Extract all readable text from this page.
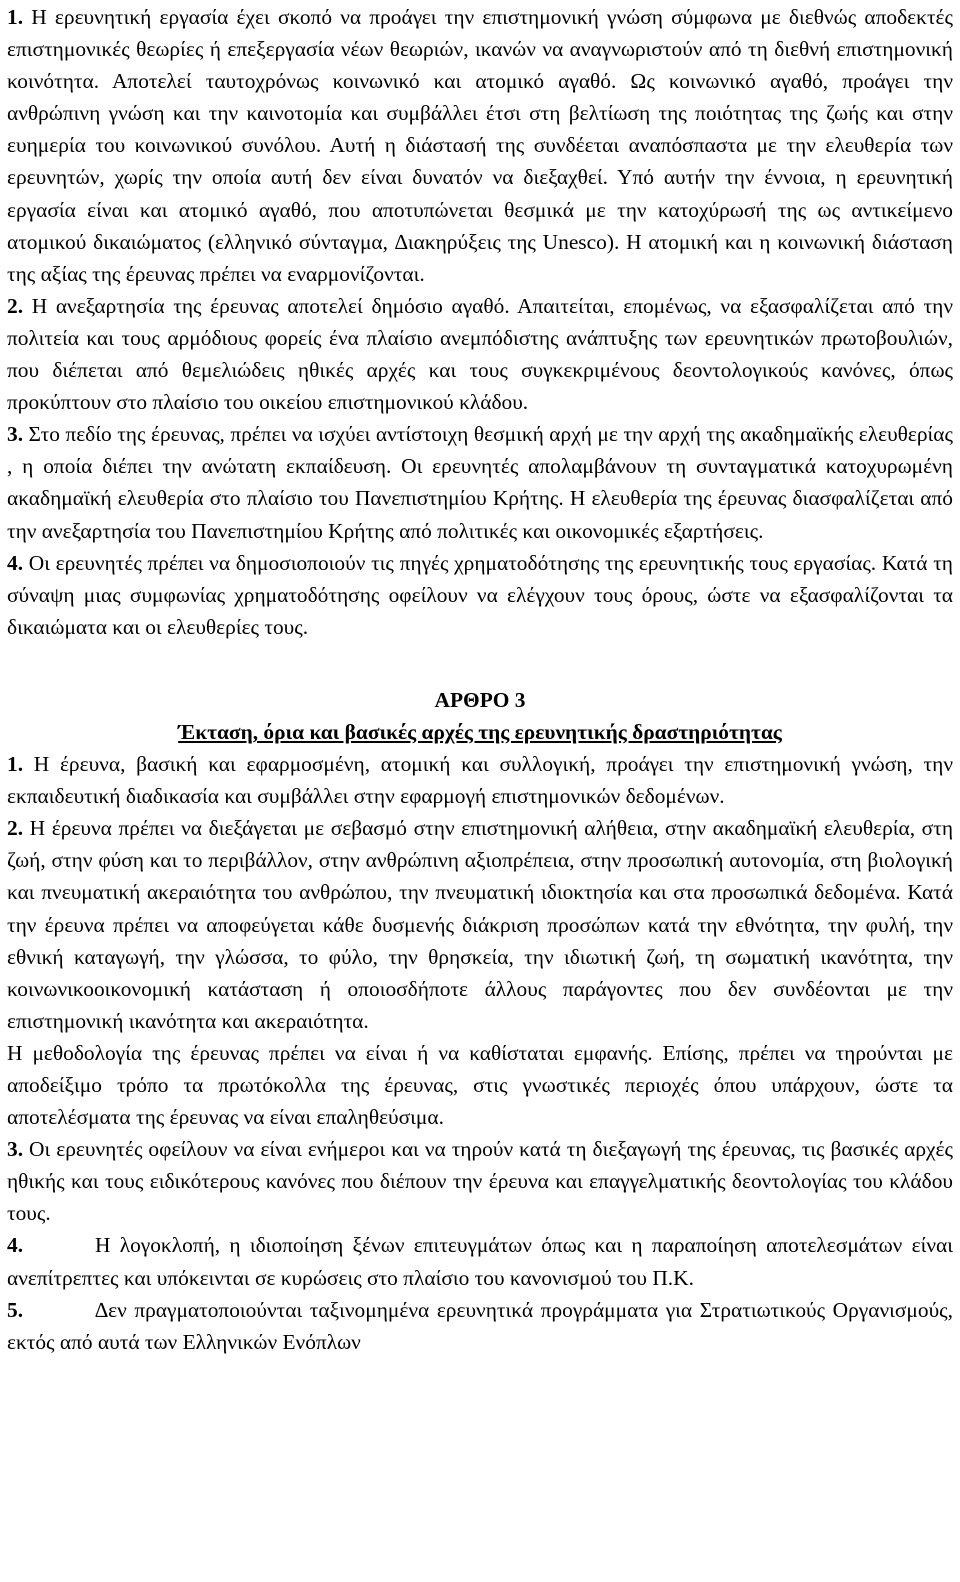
1. Η ερευνητική εργασία έχει σκοπό να προάγει την επιστημονική γνώση σύμφωνα με διεθνώς αποδεκτές επιστημονικές θεωρίες ή επεξεργασία νέων θεωριών, ικανών να αναγνωριστούν από τη διεθνή επιστημονική κοινότητα. Αποτελεί ταυτοχρόνως κοινωνικό και ατομικό αγαθό. Ως κοινωνικό αγαθό, προάγει την ανθρώπινη γνώση και την καινοτομία και συμβάλλει έτσι στη βελτίωση της ποιότητας της ζωής και στην ευημερία του κοινωνικού συνόλου. Αυτή η διάστασή της συνδέεται αναπόσπαστα με την ελευθερία των ερευνητών, χωρίς την οποία αυτή δεν είναι δυνατόν να διεξαχθεί. Υπό αυτήν την έννοια, η ερευνητική εργασία είναι και ατομικό αγαθό, που αποτυπώνεται θεσμικά με την κατοχύρωσή της ως αντικείμενο ατομικού δικαιώματος (ελληνικό σύνταγμα, ∆ιακηρύξεις της Unesco). Η ατομική και η κοινωνική διάσταση της αξίας της έρευνας πρέπει να εναρμονίζονται.

2. Η ανεξαρτησία της έρευνας αποτελεί δημόσιο αγαθό. Απαιτείται, επομένως, να εξασφαλίζεται από την πολιτεία και τους αρμόδιους φορείς ένα πλαίσιο ανεμπόδιστης ανάπτυξης των ερευνητικών πρωτοβουλιών, που διέπεται από θεμελιώδεις ηθικές αρχές και τους συγκεκριμένους δεοντολογικούς κανόνες, όπως προκύπτουν στο πλαίσιο του οικείου επιστημονικού κλάδου.

3. Στο πεδίο της έρευνας, πρέπει να ισχύει αντίστοιχη θεσμική αρχή με την αρχή της ακαδημαϊκής ελευθερίας , η οποία διέπει την ανώτατη εκπαίδευση. Οι ερευνητές απολαμβάνουν τη συνταγματικά κατοχυρωμένη ακαδημαϊκή ελευθερία στο πλαίσιο του Πανεπιστημίου Κρήτης. Η ελευθερία της έρευνας διασφαλίζεται από την ανεξαρτησία του Πανεπιστημίου Κρήτης από πολιτικές και οικονομικές εξαρτήσεις.

4. Οι ερευνητές πρέπει να δημοσιοποιούν τις πηγές χρηματοδότησης της ερευνητικής τους εργασίας. Κατά τη σύναψη μιας συμφωνίας χρηματοδότησης οφείλουν να ελέγχουν τους όρους, ώστε να εξασφαλίζονται τα δικαιώματα και οι ελευθερίες τους.

ΑΡΘΡΟ 3

Έκταση, όρια και βασικές αρχές της ερευνητικής δραστηριότητας

1. Η έρευνα, βασική και εφαρμοσμένη, ατομική και συλλογική, προάγει την επιστημονική γνώση, την εκπαιδευτική διαδικασία και συμβάλλει στην εφαρμογή επιστημονικών δεδομένων.

2. Η έρευνα πρέπει να διεξάγεται με σεβασμό στην επιστημονική αλήθεια, στην ακαδημαϊκή ελευθερία, στη ζωή, στην φύση και το περιβάλλον, στην ανθρώπινη αξιοπρέπεια, στην προσωπική αυτονομία, στη βιολογική και πνευματική ακεραιότητα του ανθρώπου, την πνευματική ιδιοκτησία και στα προσωπικά δεδομένα. Κατά την έρευνα πρέπει να αποφεύγεται κάθε δυσμενής διάκριση προσώπων κατά την εθνότητα, την φυλή, την εθνική καταγωγή, την γλώσσα, το φύλο, την θρησκεία, την ιδιωτική ζωή, τη σωματική ικανότητα, την κοινωνικοοικονομική κατάσταση ή οποιοσδήποτε άλλους παράγοντες που δεν συνδέονται με την επιστημονική ικανότητα και ακεραιότητα.

Η μεθοδολογία της έρευνας πρέπει να είναι ή να καθίσταται εμφανής. Επίσης, πρέπει να τηρούνται με αποδείξιμο τρόπο τα πρωτόκολλα της έρευνας, στις γνωστικές περιοχές όπου υπάρχουν, ώστε τα αποτελέσματα της έρευνας να είναι επαληθεύσιμα.

3. Οι ερευνητές οφείλουν να είναι ενήμεροι και να τηρούν κατά τη διεξαγωγή της έρευνας, τις βασικές αρχές ηθικής και τους ειδικότερους κανόνες που διέπουν την έρευνα και επαγγελματικής δεοντολογίας του κλάδου τους.

4.	Η λογοκλοπή, η ιδιοποίηση ξένων επιτευγμάτων όπως και η παραποίηση αποτελεσμάτων είναι ανεπίτρεπτες και υπόκεινται σε κυρώσεις στο πλαίσιο του κανονισμού του Π.Κ.

5.	∆εν πραγματοποιούνται ταξινομημένα ερευνητικά προγράμματα για Στρατιωτικούς Οργανισμούς, εκτός από αυτά των Ελληνικών Ενόπλων
